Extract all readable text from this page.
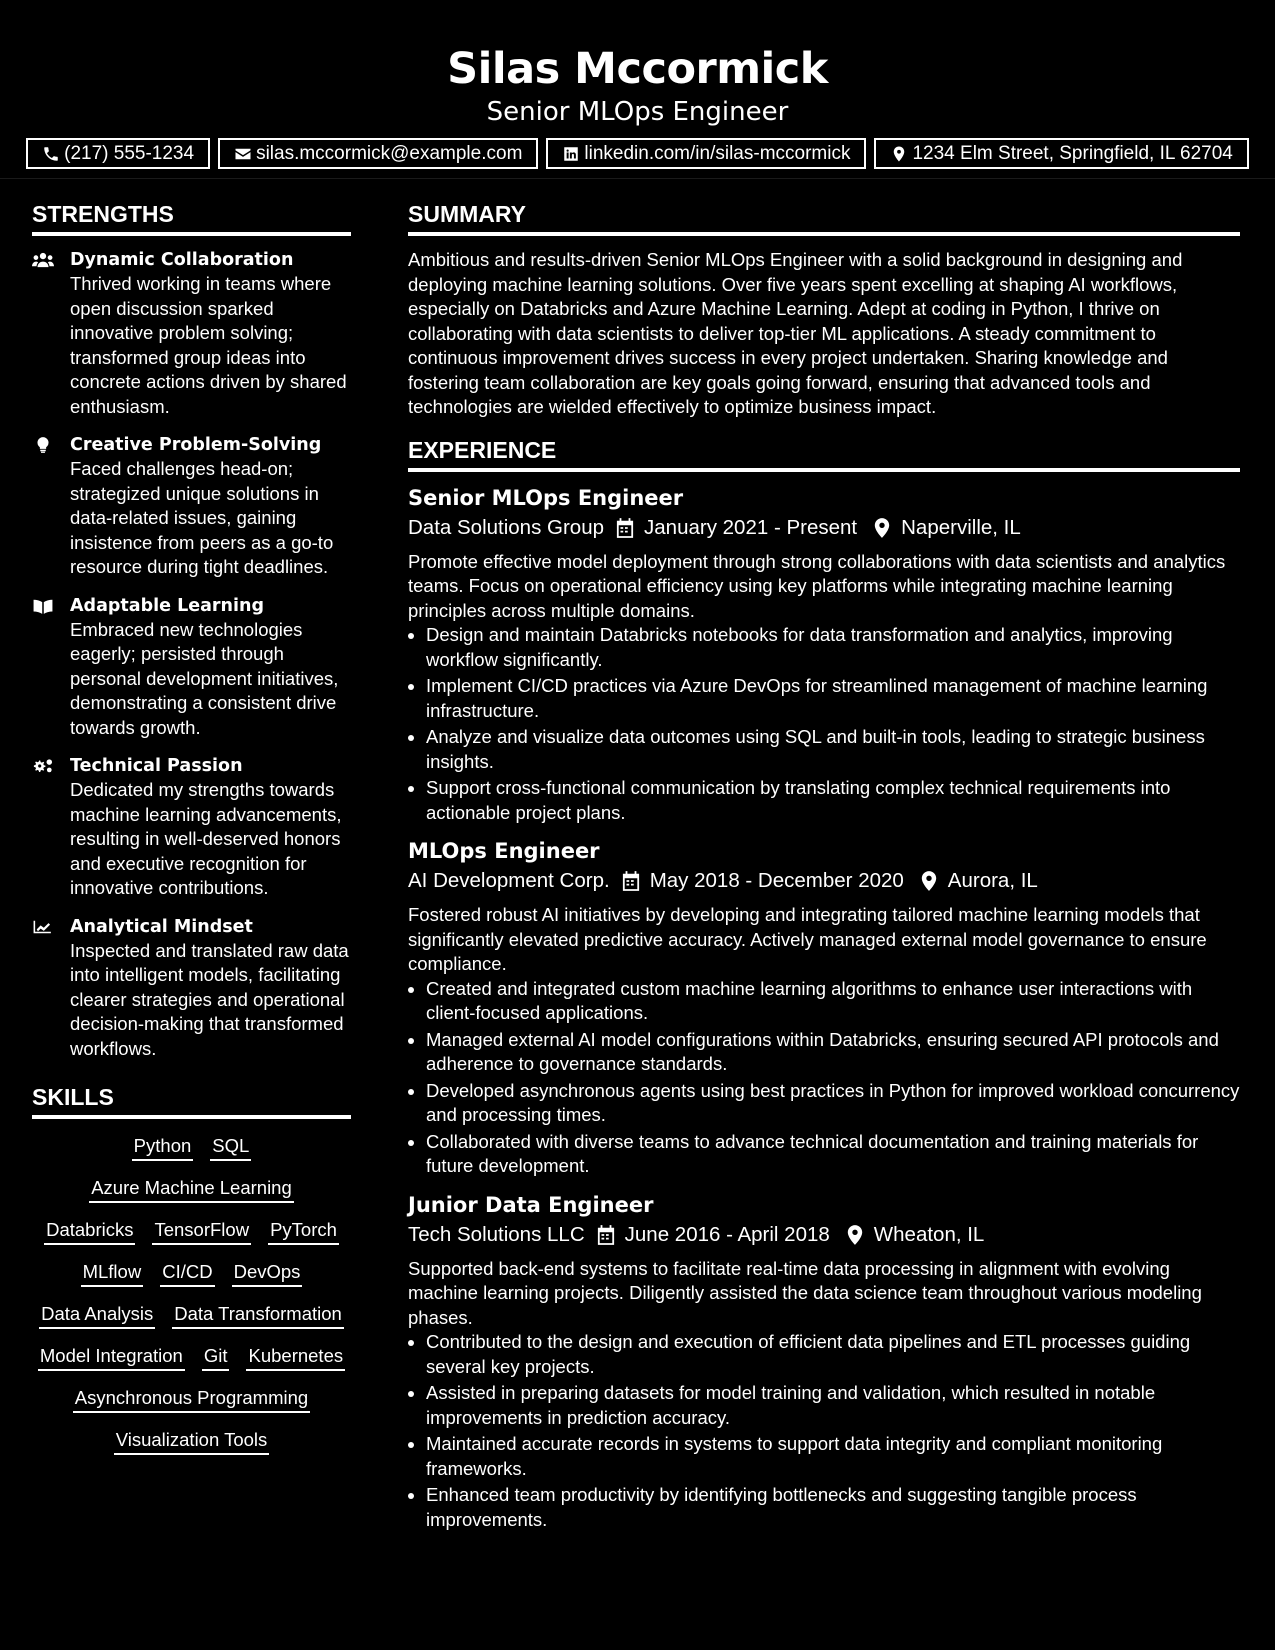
Silas Mccormick
Senior MLOps Engineer
(217) 555-1234	silas.mccormick@example.com	linkedin.com/in/silas-mccormick	1234 Elm Street, Springfield, IL 62704
STRENGTHS
Dynamic Collaboration
Thrived working in teams where open discussion sparked innovative problem solving; transformed group ideas into concrete actions driven by shared enthusiasm.
Creative Problem-Solving
Faced challenges head-on; strategized unique solutions in data-related issues, gaining insistence from peers as a go-to resource during tight deadlines.
Adaptable Learning
Embraced new technologies eagerly; persisted through personal development initiatives, demonstrating a consistent drive towards growth.
Technical Passion
Dedicated my strengths towards machine learning advancements, resulting in well-deserved honors and executive recognition for innovative contributions.
Analytical Mindset
Inspected and translated raw data into intelligent models, facilitating clearer strategies and operational decision-making that transformed workflows.
SKILLS
Python SQL
Azure Machine Learning
Databricks TensorFlow PyTorch
MLflow CI/CD DevOps
Data Analysis Data Transformation
Model Integration Git Kubernetes
Asynchronous Programming
Visualization Tools
SUMMARY
Ambitious and results-driven Senior MLOps Engineer with a solid background in designing and deploying machine learning solutions. Over five years spent excelling at shaping AI workflows, especially on Databricks and Azure Machine Learning. Adept at coding in Python, I thrive on collaborating with data scientists to deliver top-tier ML applications. A steady commitment to continuous improvement drives success in every project undertaken. Sharing knowledge and fostering team collaboration are key goals going forward, ensuring that advanced tools and technologies are wielded effectively to optimize business impact.
EXPERIENCE
Senior MLOps Engineer
Data Solutions Group January 2021 - Present Naperville, IL
Promote effective model deployment through strong collaborations with data scientists and analytics teams. Focus on operational efficiency using key platforms while integrating machine learning principles across multiple domains.
• Design and maintain Databricks notebooks for data transformation and analytics, improving workflow significantly.
• Implement CI/CD practices via Azure DevOps for streamlined management of machine learning infrastructure.
• Analyze and visualize data outcomes using SQL and built-in tools, leading to strategic business insights.
• Support cross-functional communication by translating complex technical requirements into actionable project plans.
MLOps Engineer
AI Development Corp. May 2018 - December 2020 Aurora, IL
Fostered robust AI initiatives by developing and integrating tailored machine learning models that significantly elevated predictive accuracy. Actively managed external model governance to ensure compliance.
• Created and integrated custom machine learning algorithms to enhance user interactions with client-focused applications.
• Managed external AI model configurations within Databricks, ensuring secured API protocols and adherence to governance standards.
• Developed asynchronous agents using best practices in Python for improved workload concurrency and processing times.
• Collaborated with diverse teams to advance technical documentation and training materials for future development.
Junior Data Engineer
Tech Solutions LLC June 2016 - April 2018 Wheaton, IL
Supported back-end systems to facilitate real-time data processing in alignment with evolving machine learning projects. Diligently assisted the data science team throughout various modeling phases.
• Contributed to the design and execution of efficient data pipelines and ETL processes guiding several key projects.
• Assisted in preparing datasets for model training and validation, which resulted in notable improvements in prediction accuracy.
• Maintained accurate records in systems to support data integrity and compliant monitoring frameworks.
• Enhanced team productivity by identifying bottlenecks and suggesting tangible process improvements.
